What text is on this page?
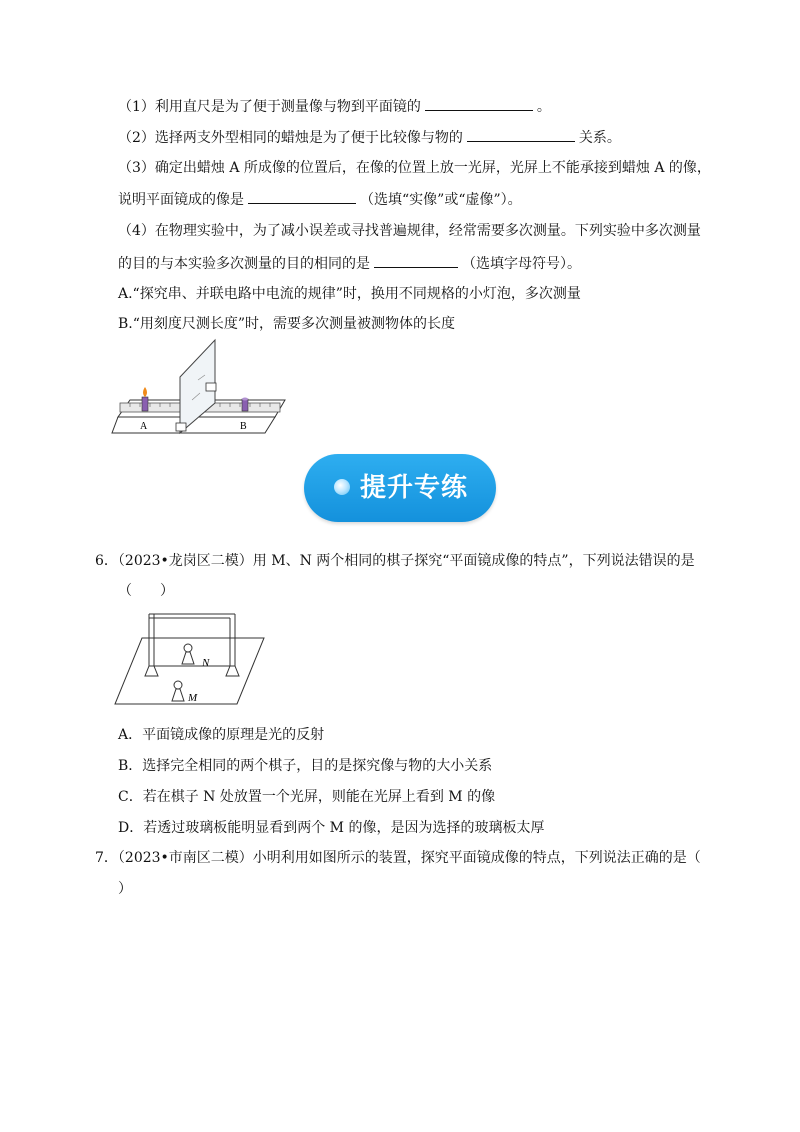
（1）利用直尺是为了便于测量像与物到平面镜的	。
（2）选择两支外型相同的蜡烛是为了便于比较像与物的	关系。
（3）确定出蜡烛 A 所成像的位置后，在像的位置上放一光屏，光屏上不能承接到蜡烛 A 的像，
说明平面镜成的像是	（选填“实像”或“虚像”）。
（4）在物理实验中，为了减小误差或寻找普遍规律，经常需要多次测量。下列实验中多次测量
的目的与本实验多次测量的目的相同的是	（选填字母符号）。
A.“探究串、并联电路中电流的规律”时，换用不同规格的小灯泡，多次测量
B.“用刻度尺测长度”时，需要多次测量被测物体的长度
A	B
提升专练
6．（2023•龙岗区二模）用 M、N 两个相同的棋子探究“平面镜成像的特点”，下列说法错误的是
（　　）
N
M
A．平面镜成像的原理是光的反射
B．选择完全相同的两个棋子，目的是探究像与物的大小关系
C．若在棋子 N 处放置一个光屏，则能在光屏上看到 M 的像
D．若透过玻璃板能明显看到两个 M 的像，是因为选择的玻璃板太厚
7．（2023•市南区二模）小明利用如图所示的装置，探究平面镜成像的特点，下列说法正确的是（
）
